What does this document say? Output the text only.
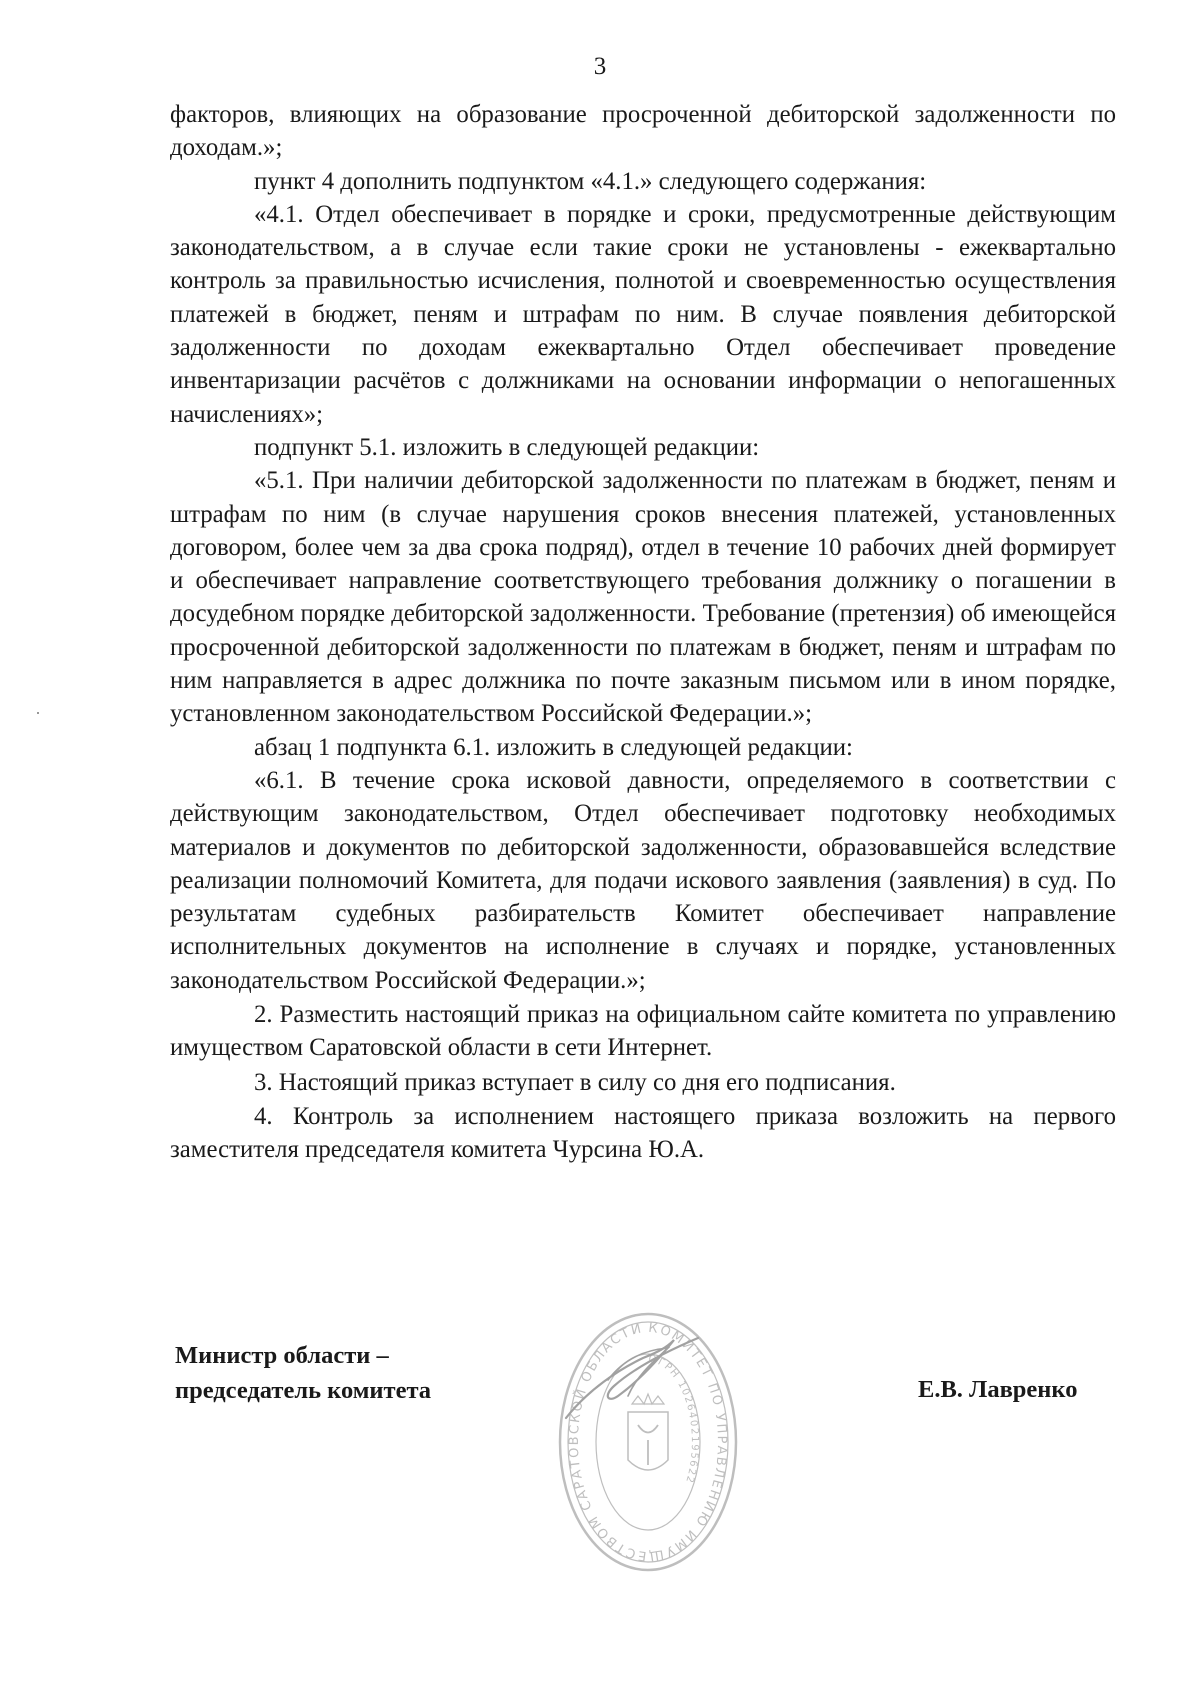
3

факторов, влияющих на образование просроченной дебиторской задолженности по доходам.»;

пункт 4 дополнить подпунктом «4.1.» следующего содержания:

«4.1. Отдел обеспечивает в порядке и сроки, предусмотренные действующим законодательством, а в случае если такие сроки не установлены - ежеквартально контроль за правильностью исчисления, полнотой и своевременностью осуществления платежей в бюджет, пеням и штрафам по ним. В случае появления дебиторской задолженности по доходам ежеквартально Отдел обеспечивает проведение инвентаризации расчётов с должниками на основании информации о непогашенных начислениях»;

подпункт 5.1. изложить в следующей редакции:

«5.1. При наличии дебиторской задолженности по платежам в бюджет, пеням и штрафам по ним (в случае нарушения сроков внесения платежей, установленных договором, более чем за два срока подряд), отдел в течение 10 рабочих дней формирует и обеспечивает направление соответствующего требования должнику о погашении в досудебном порядке дебиторской задолженности. Требование (претензия) об имеющейся просроченной дебиторской задолженности по платежам в бюджет, пеням и штрафам по ним направляется в адрес должника по почте заказным письмом или в ином порядке, установленном законодательством Российской Федерации.»;

абзац 1 подпункта 6.1. изложить в следующей редакции:

«6.1. В течение срока исковой давности, определяемого в соответствии с действующим законодательством, Отдел обеспечивает подготовку необходимых материалов и документов по дебиторской задолженности, образовавшейся вследствие реализации полномочий Комитета, для подачи искового заявления (заявления) в суд. По результатам судебных разбирательств Комитет обеспечивает направление исполнительных документов на исполнение в случаях и порядке, установленных законодательством Российской Федерации.»;

2. Разместить настоящий приказ на официальном сайте комитета по управлению имуществом Саратовской области в сети Интернет.

3. Настоящий приказ вступает в силу со дня его подписания.

4. Контроль за исполнением настоящего приказа возложить на первого заместителя председателя комитета Чурсина Ю.А.

Министр области –
председатель комитета	Е.В. Лавренко
КОМИТЕТ ПО УПРАВЛЕНИЮ ИМУЩЕСТВОМ САРАТОВСКОЙ ОБЛАСТИ
ОГРН 1026402195622
